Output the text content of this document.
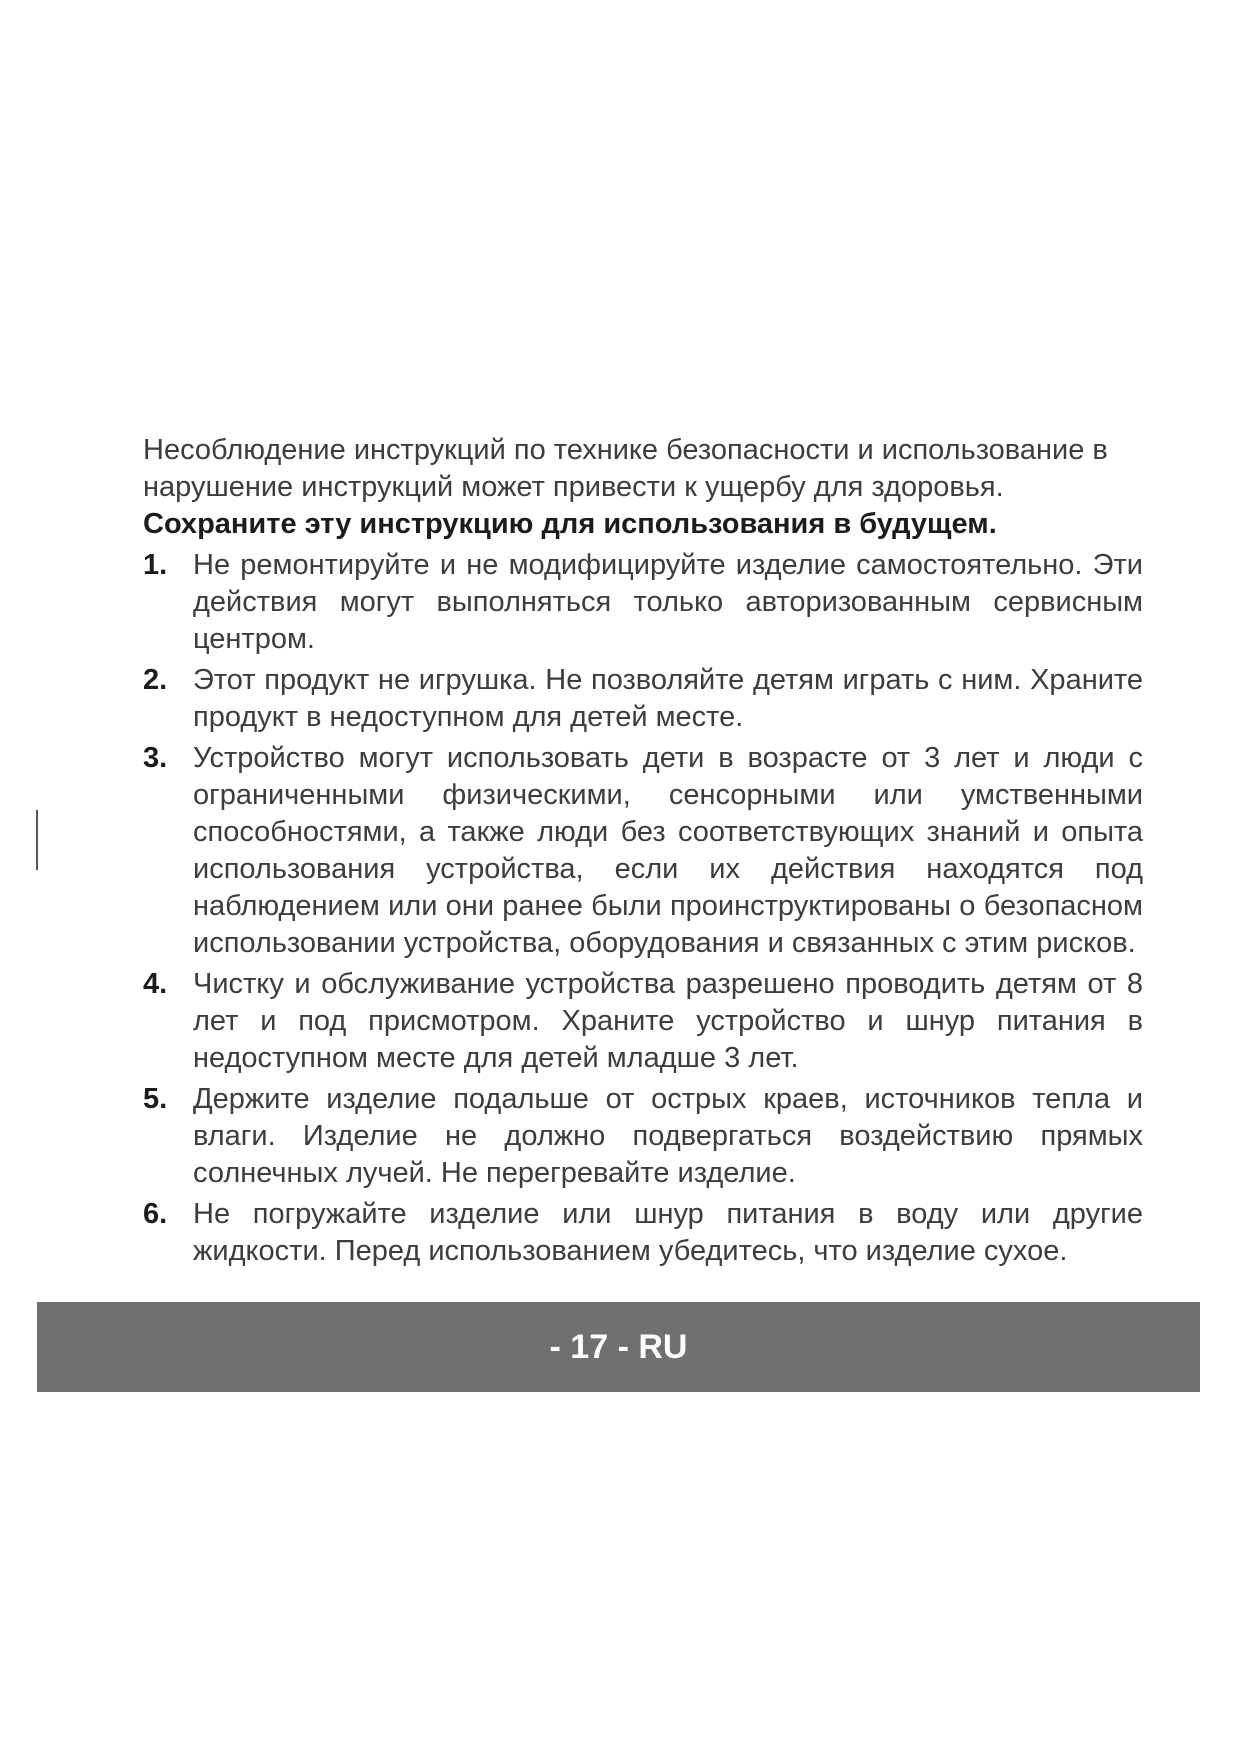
Несоблюдение инструкций по технике безопасности и использование в нарушение инструкций может привести к ущербу для здоровья.

Сохраните эту инструкцию для использования в будущем.

1. Не ремонтируйте и не модифицируйте изделие самостоятельно. Эти действия могут выполняться только авторизованным сервисным центром.
2. Этот продукт не игрушка. Не позволяйте детям играть с ним. Храните продукт в недоступном для детей месте.
3. Устройство могут использовать дети в возрасте от 3 лет и люди с ограниченными физическими, сенсорными или умственными способностями, а также люди без соответствующих знаний и опыта использования устройства, если их действия находятся под наблюдением или они ранее были проинструктированы о безопасном использовании устройства, оборудования и связанных с этим рисков.
4. Чистку и обслуживание устройства разрешено проводить детям от 8 лет и под присмотром. Храните устройство и шнур питания в недоступном месте для детей младше 3 лет.
5. Держите изделие подальше от острых краев, источников тепла и влаги. Изделие не должно подвергаться воздействию прямых солнечных лучей. Не перегревайте изделие.
6. Не погружайте изделие или шнур питания в воду или другие жидкости. Перед использованием убедитесь, что изделие сухое.
- 17 - RU
